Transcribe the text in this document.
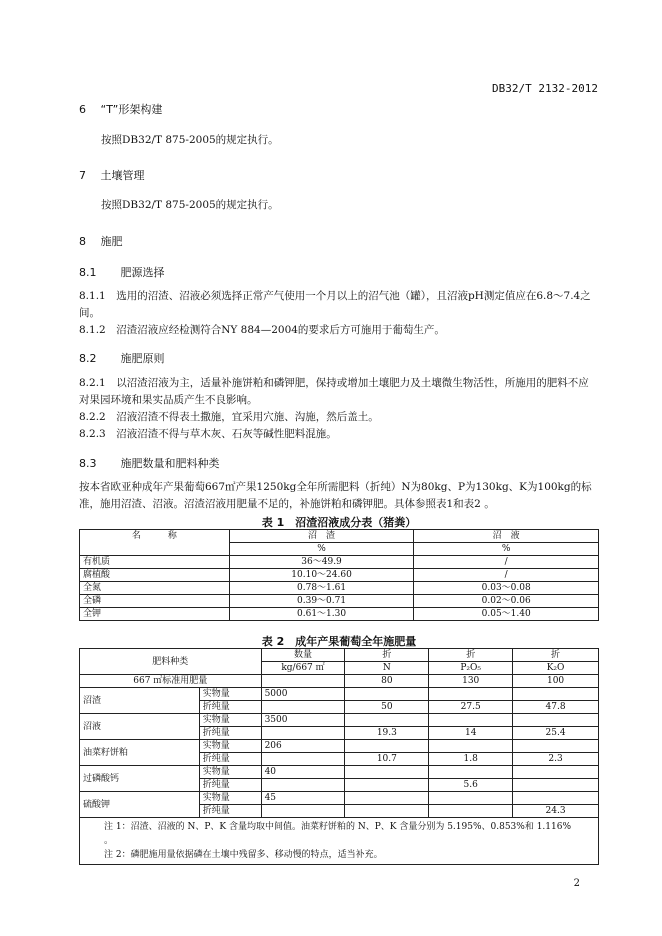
DB32/T 2132-2012
6 “T”形架构建
按照DB32/T 875-2005的规定执行。
7 土壤管理
按照DB32/T 875-2005的规定执行。
8 施肥
8.1 肥源选择
8.1.1　选用的沼渣、沼液必须选择正常产气使用一个月以上的沼气池（罐），且沼液pH测定值应在6.8～7.4之间。
8.1.2　沼渣沼液应经检测符合NY 884—2004的要求后方可施用于葡萄生产。
8.2 施肥原则
8.2.1　以沼渣沼液为主，适量补施饼粕和磷钾肥，保持或增加土壤肥力及土壤微生物活性，所施用的肥料不应对果园环境和果实品质产生不良影响。
8.2.2　沼液沼渣不得表土撒施，宜采用穴施、沟施，然后盖土。
8.2.3　沼液沼渣不得与草木灰、石灰等碱性肥料混施。
8.3 施肥数量和肥料种类
按本省欧亚种成年产果葡萄667㎡产果1250kg全年所需肥料（折纯）N为80kg、P为130kg、K为100kg的标准，施用沼渣、沼液。沼渣沼液用肥量不足的，补施饼粕和磷钾肥。具体参照表1和表2 。
表 1　沼渣沼液成分表（猪粪）
名　　　称	沼　渣	沼　液
	%	%
有机质	36～49.9	/
腐植酸	10.10～24.60	/
全氮	0.78～1.61	0.03～0.08
全磷	0.39～0.71	0.02～0.06
全钾	0.61～1.30	0.05～1.40
表 2　成年产果葡萄全年施肥量
肥料种类		数量	折	折	折
		kg/667 ㎡	N	P₂O₅	K₂O
667 ㎡标准用肥量			80	130	100
沼渣	实物量	5000			
	折纯量		50	27.5	47.8
沼液	实物量	3500			
	折纯量		19.3	14	25.4
油菜籽饼粕	实物量	206			
	折纯量		10.7	1.8	2.3
过磷酸钙	实物量	40			
	折纯量			5.6	
硫酸钾	实物量	45			
	折纯量				24.3

注 1：沼渣、沼液的 N、P、K 含量均取中间值。油菜籽饼粕的 N、P、K 含量分别为 5.195%、0.853%和 1.116% 。
注 2：磷肥施用量依据磷在土壤中残留多、移动慢的特点，适当补充。					
2
